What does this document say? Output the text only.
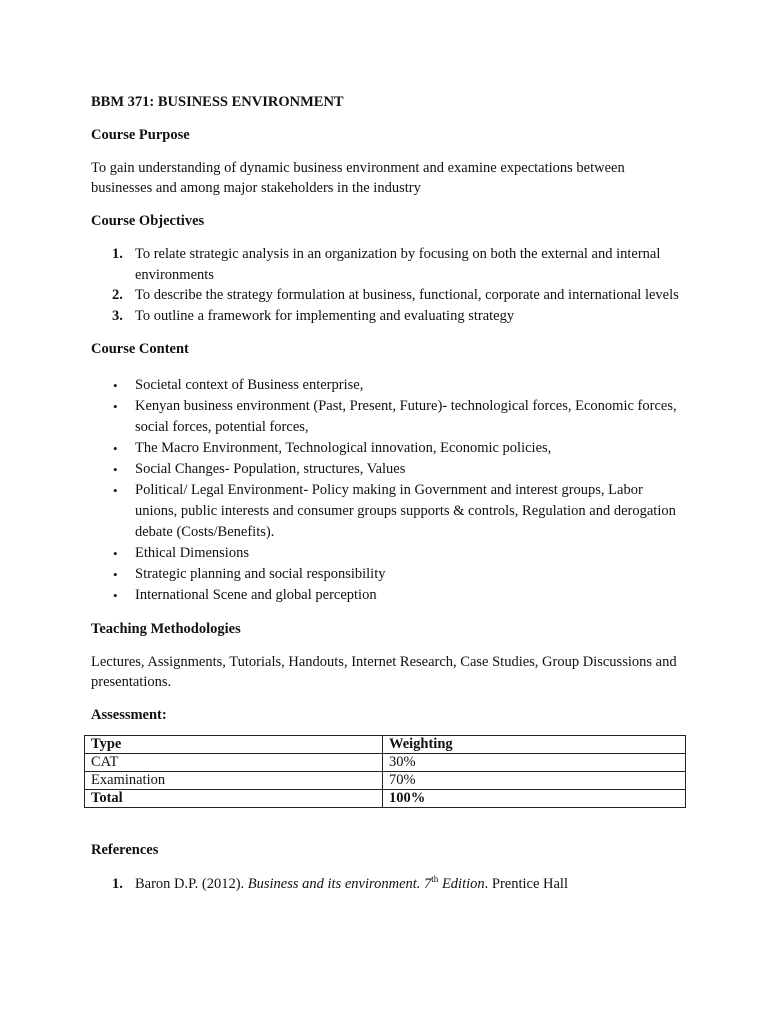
BBM 371: BUSINESS ENVIRONMENT

Course Purpose

To gain understanding of dynamic business environment and examine expectations between businesses and among major stakeholders in the industry

Course Objectives

1. To relate strategic analysis in an organization by focusing on both the external and internal environments
2. To describe the strategy formulation at business, functional, corporate and international levels
3. To outline a framework for implementing and evaluating strategy

Course Content

• Societal context of Business enterprise,
• Kenyan business environment (Past, Present, Future)- technological forces, Economic forces, social forces, potential forces,
• The Macro Environment, Technological innovation, Economic policies,
• Social Changes- Population, structures, Values
• Political/ Legal Environment- Policy making in Government and interest groups, Labor unions, public interests and consumer groups supports & controls, Regulation and derogation debate (Costs/Benefits).
• Ethical Dimensions
• Strategic planning and social responsibility
• International Scene and global perception

Teaching Methodologies

Lectures, Assignments, Tutorials, Handouts, Internet Research, Case Studies, Group Discussions and presentations.

Assessment:

Type	Weighting
CAT	30%
Examination	70%
Total	100%

References

1. Baron D.P. (2012). Business and its environment. 7th Edition. Prentice Hall
